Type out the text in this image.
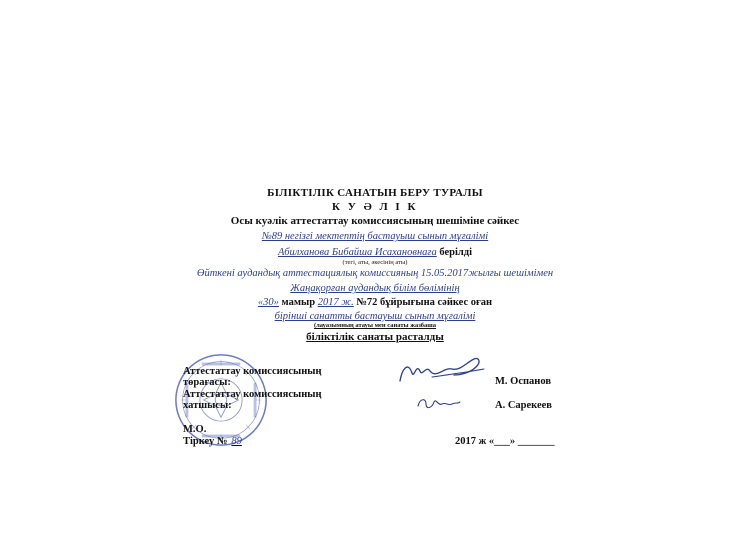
БІЛІКТІЛІК САНАТЫН БЕРУ ТУРАЛЫ
К У Ә Л І К
Осы куәлік аттестаттау комиссиясының шешіміне сәйкес
№89 негізгі мектептің бастауыш сынып мұғалімі
Абилханова Бибайша Исахановнаға берілді
(тегі, аты, әкесінің аты)
Өйткені аудандық аттестациялық комиссияның 15.05.2017жылғы шешімімен
Жаңақорған аудандық білім бөлімінің
«30» мамыр 2017 ж. №72 бұйрығына сәйкес оған
бірінші санатты бастауыш сынып мұғалімі
(лауазымның атауы мен санаты жазбаша
біліктілік санаты расталды
Аттестаттау комиссиясының
төрағасы:
Аттестаттау комиссиясының
хатшысы:
М. Оспанов
А. Сарекеев
М.О.
Тіркеу № 89	2017 ж «___» _______
